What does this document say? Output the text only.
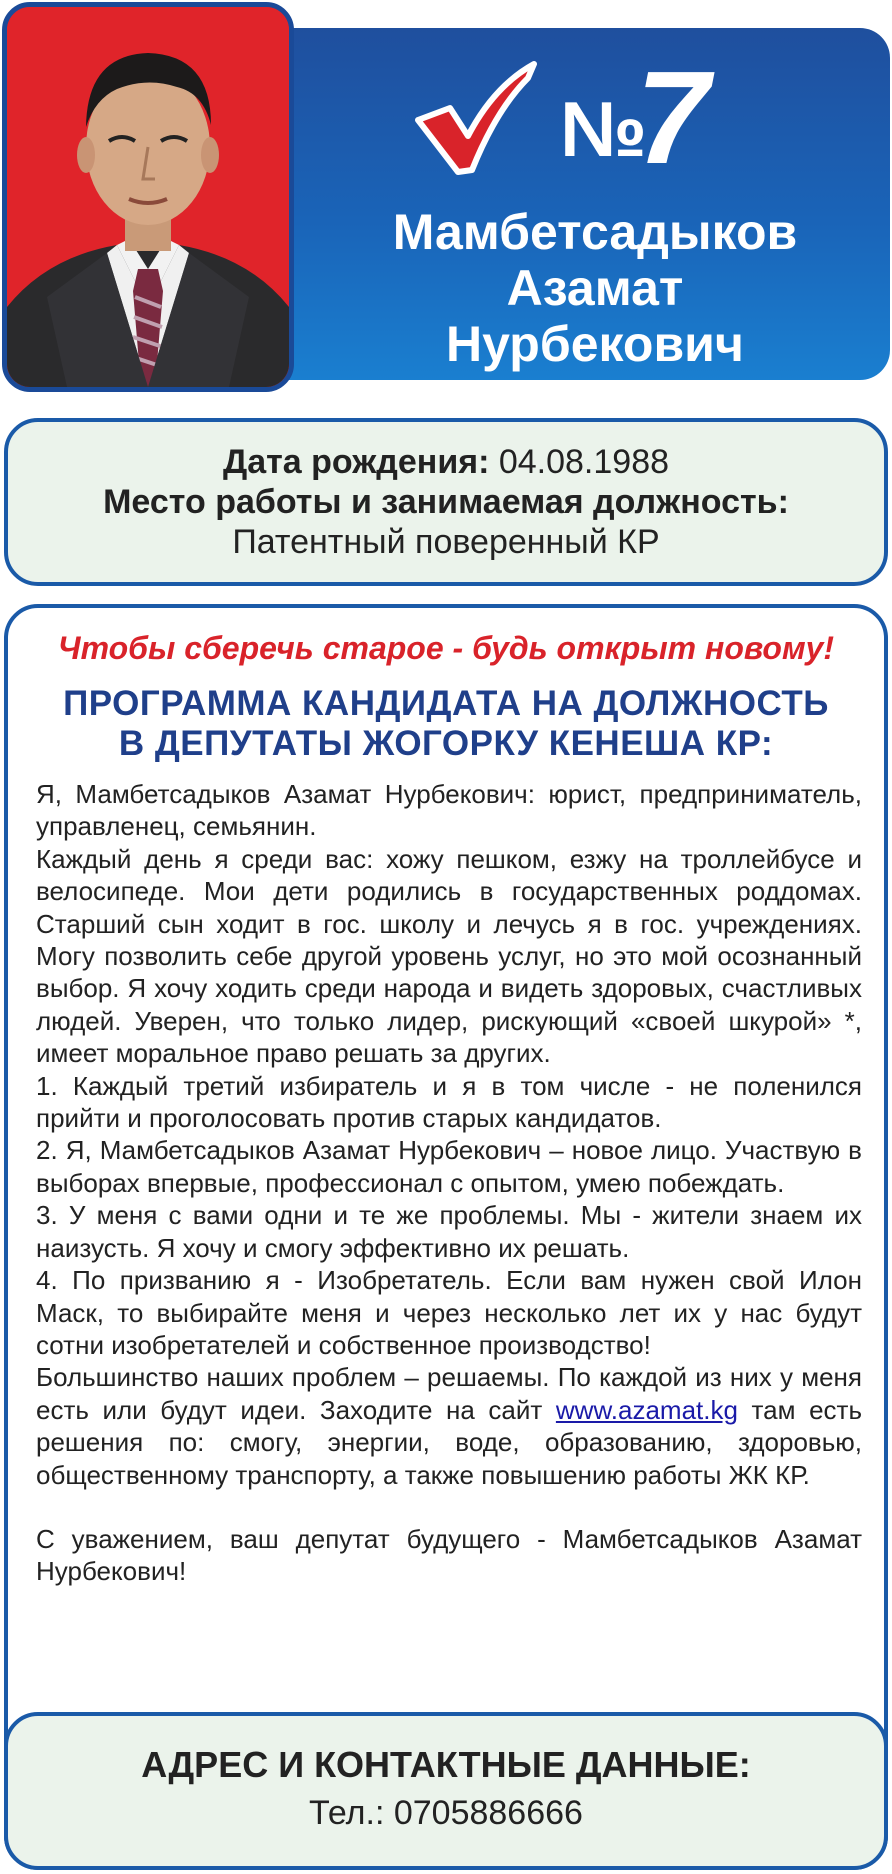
№
7
Мамбетсадыков
Азамат
Нурбекович
Дата рождения: 04.08.1988
Место работы и занимаемая должность:
Патентный поверенный КР
Чтобы сберечь старое - будь открыт новому!
ПРОГРАММА КАНДИДАТА НА ДОЛЖНОСТЬ
В ДЕПУТАТЫ ЖОГОРКУ КЕНЕША КР:

Я, Мамбетсадыков Азамат Нурбекович: юрист, предприниматель, управленец, семьянин.

Каждый день я среди вас: хожу пешком, езжу на троллейбусе и велосипеде. Мои дети родились в государственных роддомах. Старший сын ходит в гос. школу и лечусь я в гос. учреждениях. Могу позволить себе другой уровень услуг, но это мой осознанный выбор. Я хочу ходить среди народа и видеть здоровых, счастливых людей. Уверен, что только лидер, рискующий «своей шкурой» *, имеет моральное право решать за других.

1. Каждый третий избиратель и я в том числе - не поленился прийти и проголосовать против старых кандидатов.

2. Я, Мамбетсадыков Азамат Нурбекович – новое лицо. Участвую в выборах впервые, профессионал с опытом, умею побеждать.

3. У меня с вами одни и те же проблемы. Мы - жители знаем их наизусть. Я хочу и смогу эффективно их решать.

4. По призванию я - Изобретатель. Если вам нужен свой Илон Маск, то выбирайте меня и через несколько лет их у нас будут сотни изобретателей и собственное производство!

Большинство наших проблем – решаемы. По каждой из них у меня есть или будут идеи. Заходите на сайт www.azamat.kg там есть решения по: смогу, энергии, воде, образованию, здоровью, общественному транспорту, а также повышению работы ЖК КР.

С уважением, ваш депутат будущего - Мамбетсадыков Азамат Нурбекович!

АДРЕС И КОНТАКТНЫЕ ДАННЫЕ:
Тел.: 0705886666
